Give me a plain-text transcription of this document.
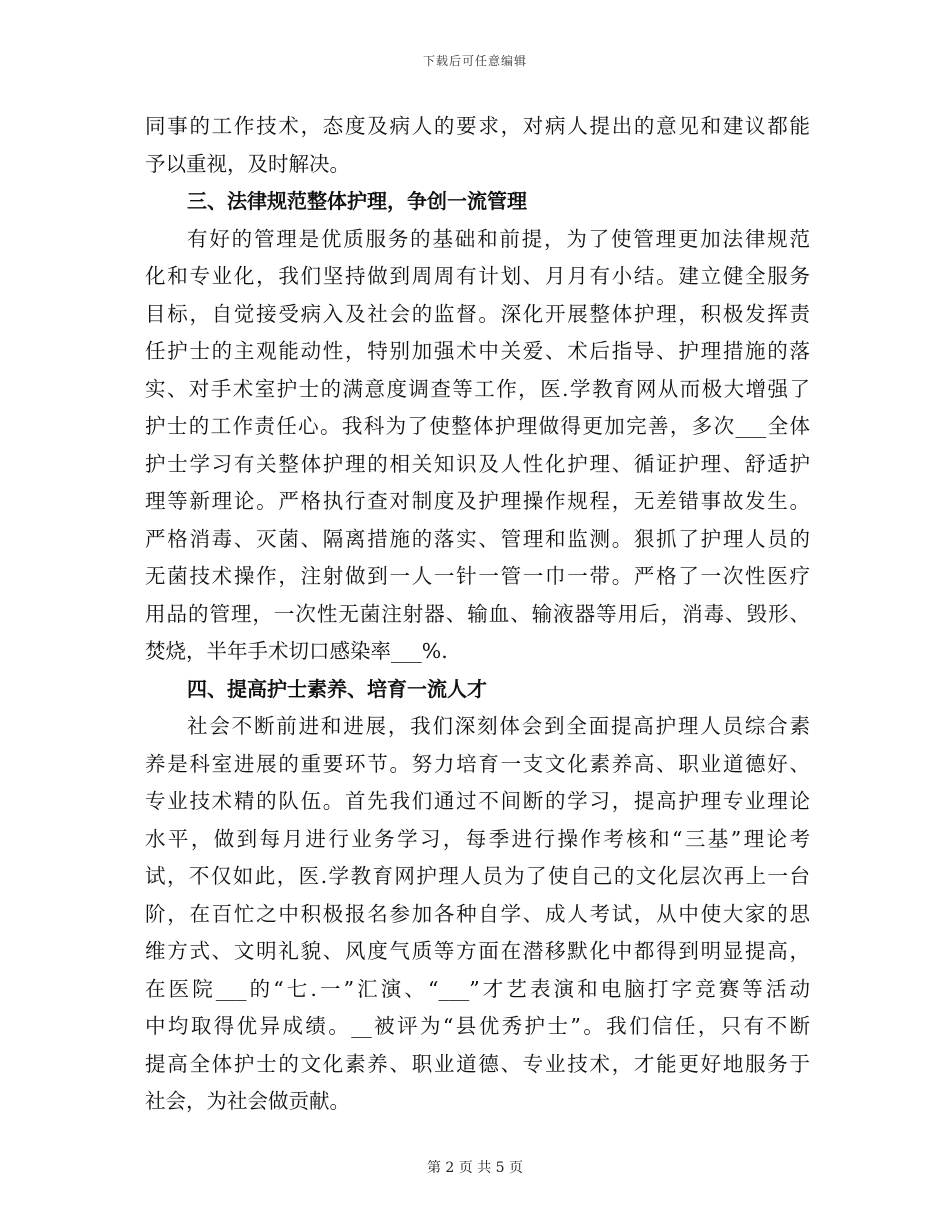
下载后可任意编辑
同事的工作技术，态度及病人的要求，对病人提出的意见和建议都能
予以重视，及时解决。
三、法律规范整体护理，争创一流管理
有好的管理是优质服务的基础和前提，为了使管理更加法律规范
化和专业化，我们坚持做到周周有计划、月月有小结。建立健全服务
目标，自觉接受病入及社会的监督。深化开展整体护理，积极发挥责
任护士的主观能动性，特别加强术中关爱、术后指导、护理措施的落
实、对手术室护士的满意度调查等工作，医.学教育网从而极大增强了
护士的工作责任心。我科为了使整体护理做得更加完善，多次___全体
护士学习有关整体护理的相关知识及人性化护理、循证护理、舒适护
理等新理论。严格执行查对制度及护理操作规程，无差错事故发生。
严格消毒、灭菌、隔离措施的落实、管理和监测。狠抓了护理人员的
无菌技术操作，注射做到一人一针一管一巾一带。严格了一次性医疗
用品的管理，一次性无菌注射器、输血、输液器等用后，消毒、毁形、
焚烧，半年手术切口感染率___%.
四、提高护士素养、培育一流人才
社会不断前进和进展，我们深刻体会到全面提高护理人员综合素
养是科室进展的重要环节。努力培育一支文化素养高、职业道德好、
专业技术精的队伍。首先我们通过不间断的学习，提高护理专业理论
水平，做到每月进行业务学习，每季进行操作考核和“三基”理论考
试，不仅如此，医.学教育网护理人员为了使自己的文化层次再上一台
阶，在百忙之中积极报名参加各种自学、成人考试，从中使大家的思
维方式、文明礼貌、风度气质等方面在潜移默化中都得到明显提高，
在医院___的“七.一”汇演、“___”才艺表演和电脑打字竞赛等活动
中均取得优异成绩。__被评为“县优秀护士”。我们信任，只有不断
提高全体护士的文化素养、职业道德、专业技术，才能更好地服务于
社会，为社会做贡献。
第 2 页 共 5 页
